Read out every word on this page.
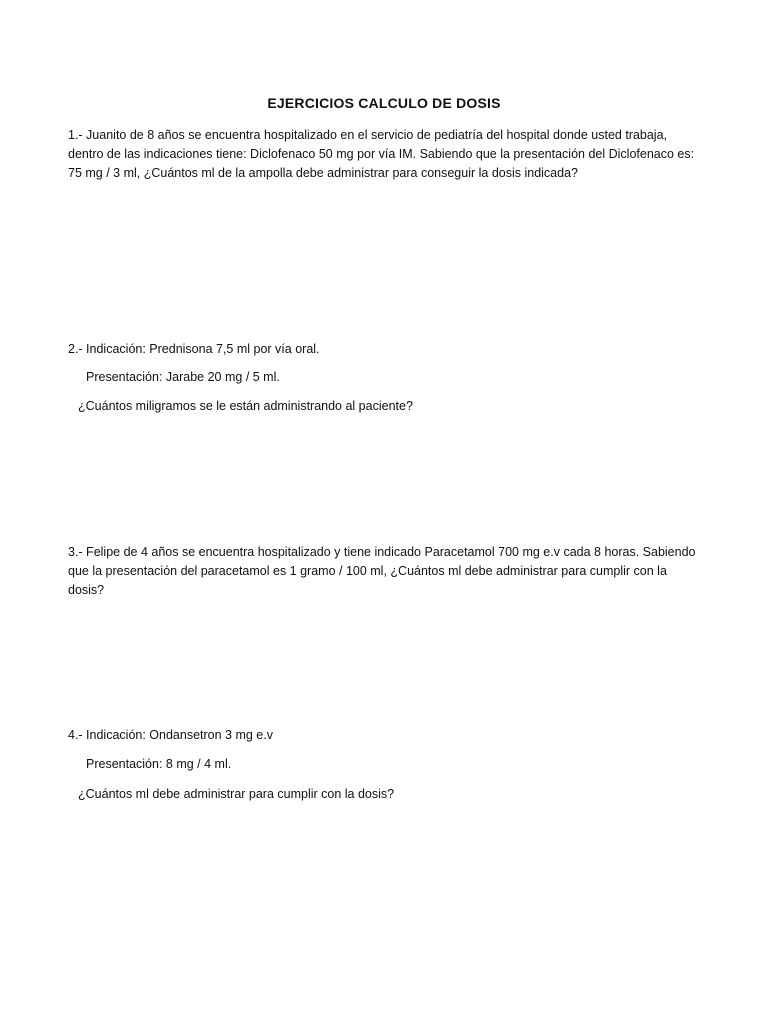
EJERCICIOS CALCULO DE DOSIS
1.- Juanito de 8 años se encuentra hospitalizado en el servicio de pediatría del hospital donde usted trabaja,
dentro de las indicaciones tiene: Diclofenaco 50 mg por vía IM. Sabiendo que la presentación del Diclofenaco es:
75 mg / 3 ml, ¿Cuántos ml de la ampolla debe administrar para conseguir la dosis indicada?
2.- Indicación: Prednisona 7,5 ml por vía oral.
Presentación: Jarabe 20 mg / 5 ml.
¿Cuántos miligramos se le están administrando al paciente?
3.- Felipe de 4 años se encuentra hospitalizado y tiene indicado Paracetamol 700 mg e.v cada 8 horas. Sabiendo
que la presentación del paracetamol es 1 gramo / 100 ml, ¿Cuántos ml debe administrar para cumplir con la
dosis?
4.- Indicación: Ondansetron 3 mg e.v
Presentación: 8 mg / 4 ml.
¿Cuántos ml debe administrar para cumplir con la dosis?
